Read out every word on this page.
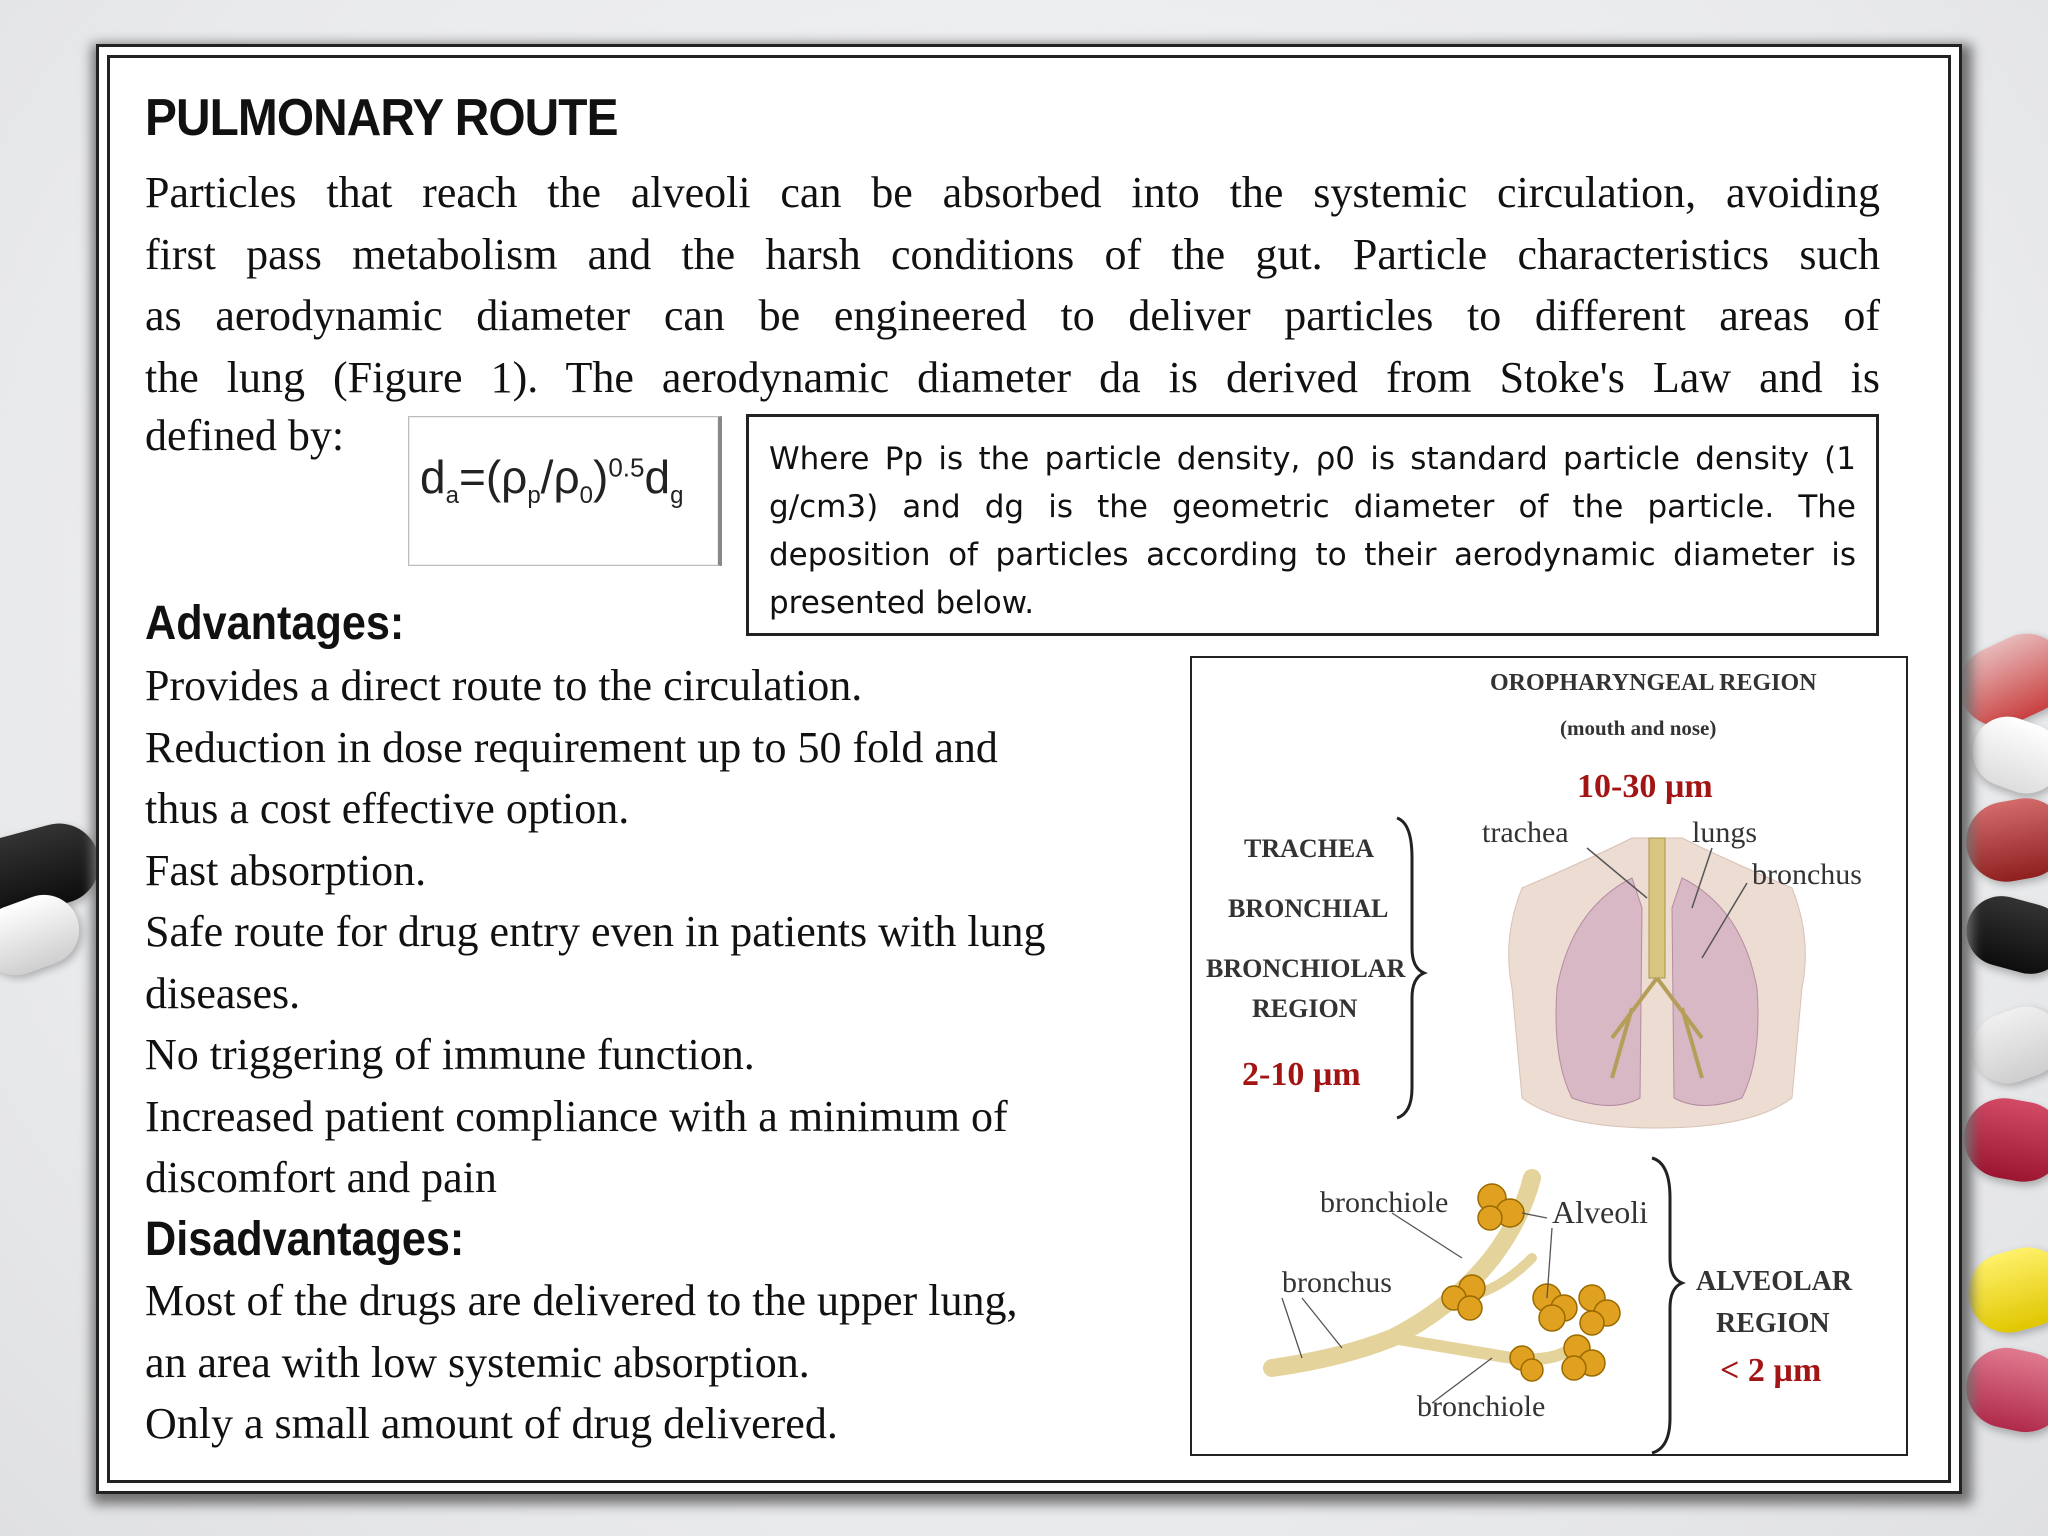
PULMONARY ROUTE
Particles that reach the alveoli can be absorbed into the systemic circulation, avoiding
first pass metabolism and the harsh conditions of the gut. Particle characteristics such
as aerodynamic diameter can be engineered to deliver particles to different areas of
the lung (Figure 1). The aerodynamic diameter da is derived from Stoke's Law and is
defined by:
$d_a=(\rho_p/\rho_0)^{0.5}d_g$
Where Pp is the particle density, ρ0 is standard particle density (1 g/cm3) and dg is the geometric diameter of the particle. The deposition of particles according to their aerodynamic diameter is presented below.
Advantages:
Provides a direct route to the circulation.
Reduction in dose requirement up to 50 fold and
thus a cost effective option.
Fast absorption.
Safe route for drug entry even in patients with lung
diseases.
No triggering of immune function.
Increased patient compliance with a minimum of
discomfort and pain
Disadvantages:
Most of the drugs are delivered to the upper lung,
an area with low systemic absorption.
Only a small amount of drug delivered.
OROPHARYNGEAL REGION
(mouth and nose)
10-30 µm
trachea	lungs
bronchus
TRACHEA
BRONCHIAL
BRONCHIOLAR
REGION
2-10 µm
bronchiole	Alveoli
bronchus
bronchiole
ALVEOLAR
REGION
< 2 µm
